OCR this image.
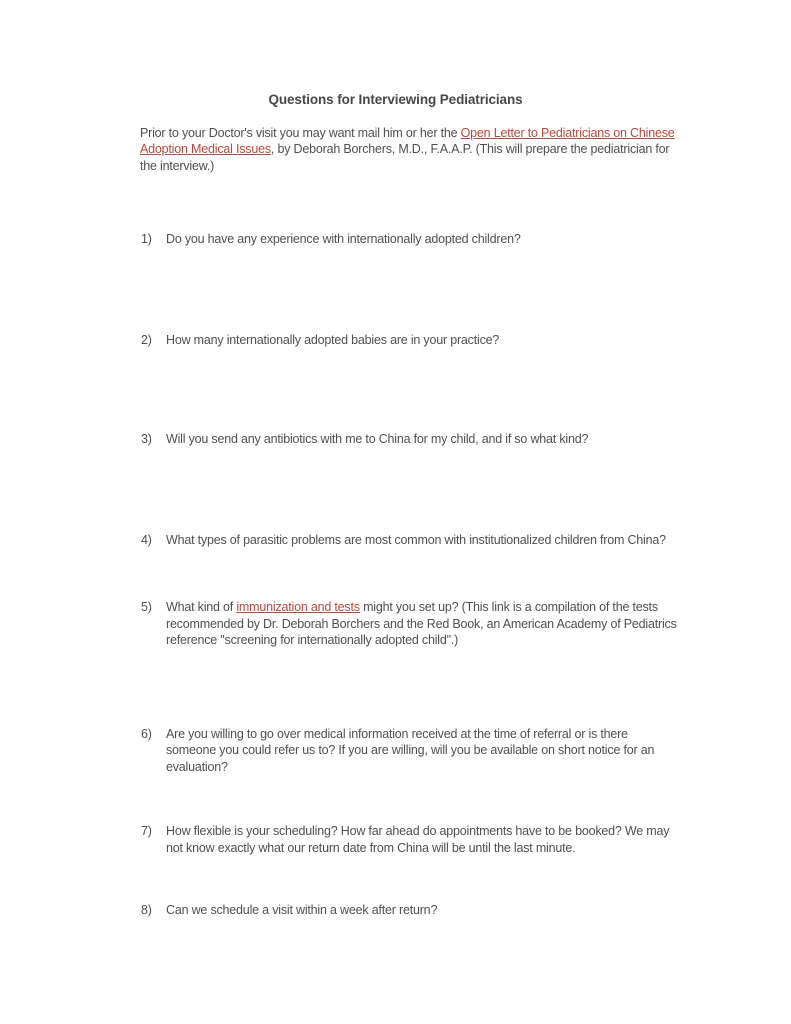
Questions for Interviewing Pediatricians

Prior to your Doctor's visit you may want mail him or her the Open Letter to Pediatricians on Chinese Adoption Medical Issues, by Deborah Borchers, M.D., F.A.A.P. (This will prepare the pediatrician for the interview.)

1)	Do you have any experience with internationally adopted children?
2)	How many internationally adopted babies are in your practice?
3)	Will you send any antibiotics with me to China for my child, and if so what kind?
4)	What types of parasitic problems are most common with institutionalized children from China?
5)	What kind of immunization and tests might you set up? (This link is a compilation of the tests recommended by Dr. Deborah Borchers and the Red Book, an American Academy of Pediatrics reference "screening for internationally adopted child".)
6)	Are you willing to go over medical information received at the time of referral or is there someone you could refer us to? If you are willing, will you be available on short notice for an evaluation?
7)	How flexible is your scheduling? How far ahead do appointments have to be booked? We may not know exactly what our return date from China will be until the last minute.
8)	Can we schedule a visit within a week after return?
